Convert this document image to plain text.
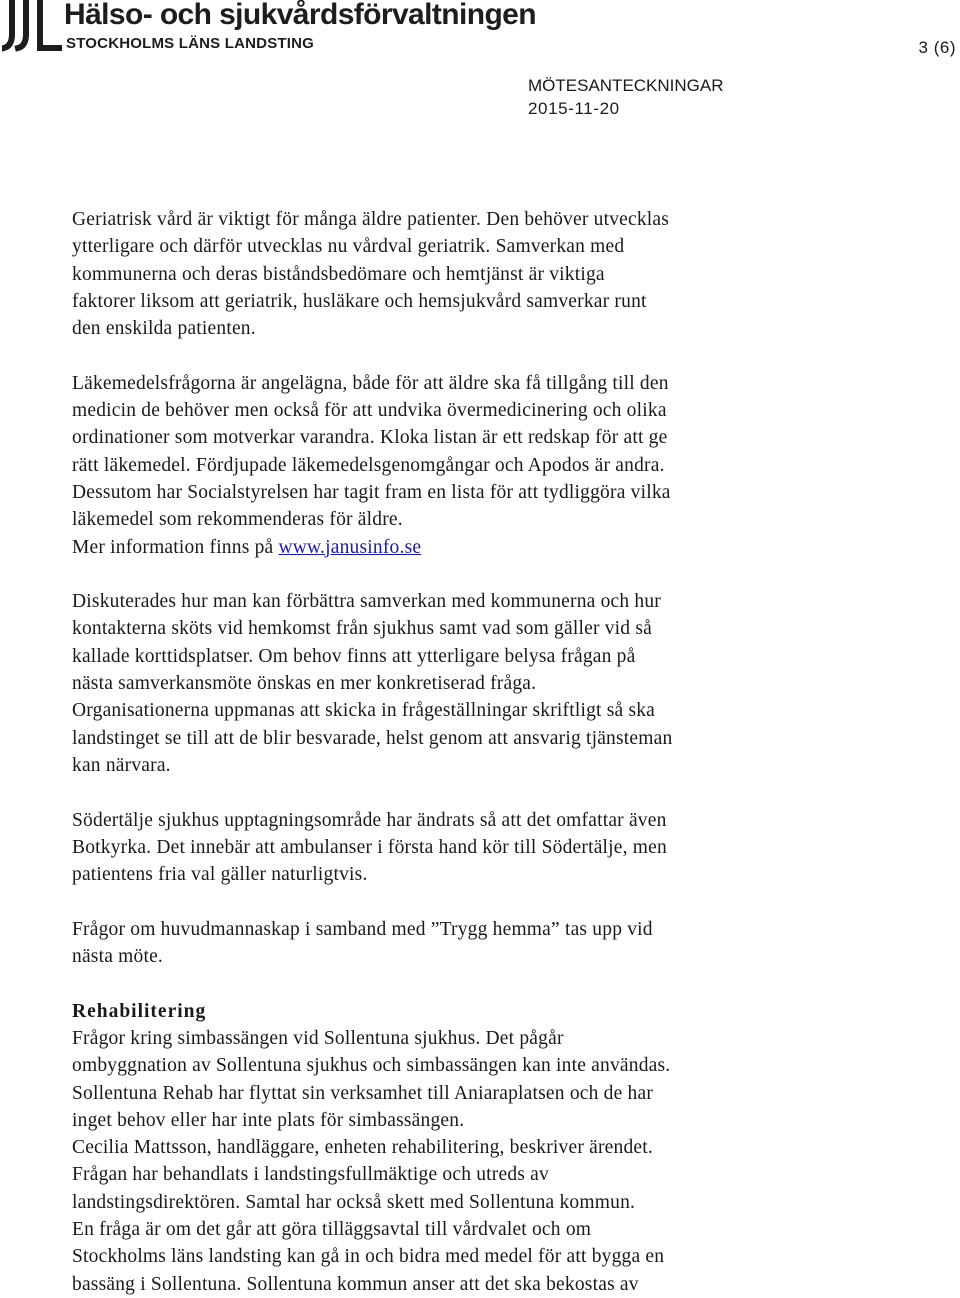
Hälso- och sjukvårdsförvaltningen
STOCKHOLMS LÄNS LANDSTING	3 (6)
MÖTESANTECKNINGAR
2015-11-20

Geriatrisk vård är viktigt för många äldre patienter. Den behöver utvecklas
ytterligare och därför utvecklas nu vårdval geriatrik. Samverkan med
kommunerna och deras biståndsbedömare och hemtjänst är viktiga
faktorer liksom att geriatrik, husläkare och hemsjukvård samverkar runt
den enskilda patienten.

Läkemedelsfrågorna är angelägna, både för att äldre ska få tillgång till den
medicin de behöver men också för att undvika övermedicinering och olika
ordinationer som motverkar varandra. Kloka listan är ett redskap för att ge
rätt läkemedel. Fördjupade läkemedelsgenomgångar och Apodos är andra.
Dessutom har Socialstyrelsen har tagit fram en lista för att tydliggöra vilka
läkemedel som rekommenderas för äldre.
Mer information finns på www.janusinfo.se

Diskuterades hur man kan förbättra samverkan med kommunerna och hur
kontakterna sköts vid hemkomst från sjukhus samt vad som gäller vid så
kallade korttidsplatser. Om behov finns att ytterligare belysa frågan på
nästa samverkansmöte önskas en mer konkretiserad fråga.
Organisationerna uppmanas att skicka in frågeställningar skriftligt så ska
landstinget se till att de blir besvarade, helst genom att ansvarig tjänsteman
kan närvara.

Södertälje sjukhus upptagningsområde har ändrats så att det omfattar även
Botkyrka. Det innebär att ambulanser i första hand kör till Södertälje, men
patientens fria val gäller naturligtvis.

Frågor om huvudmannaskap i samband med ”Trygg hemma” tas upp vid
nästa möte.

Rehabilitering
Frågor kring simbassängen vid Sollentuna sjukhus. Det pågår
ombyggnation av Sollentuna sjukhus och simbassängen kan inte användas.
Sollentuna Rehab har flyttat sin verksamhet till Aniaraplatsen och de har
inget behov eller har inte plats för simbassängen.
Cecilia Mattsson, handläggare, enheten rehabilitering, beskriver ärendet.
Frågan har behandlats i landstingsfullmäktige och utreds av
landstingsdirektören. Samtal har också skett med Sollentuna kommun.
En fråga är om det går att göra tilläggsavtal till vårdvalet och om
Stockholms läns landsting kan gå in och bidra med medel för att bygga en
bassäng i Sollentuna. Sollentuna kommun anser att det ska bekostas av
